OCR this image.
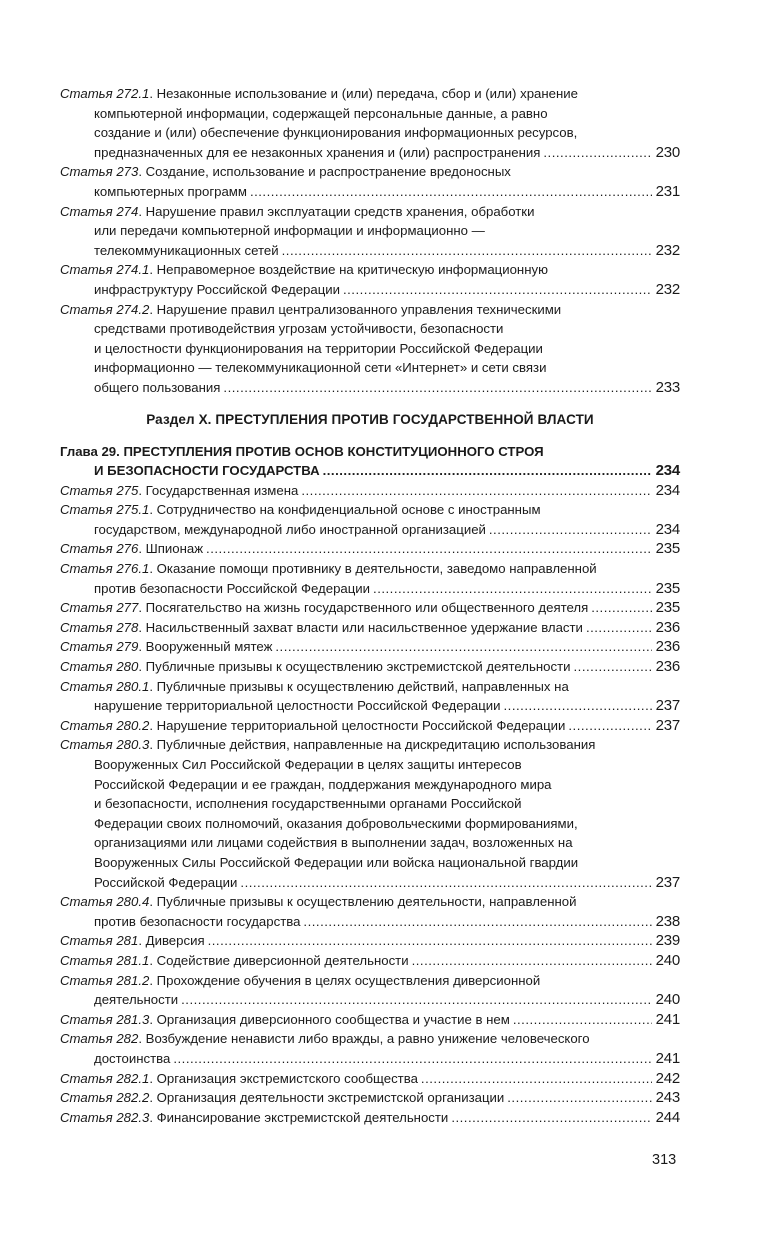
Статья 272.1 . Незаконные использование и (или) передача, сбор и (или) хранение
компьютерной информации, содержащей персональные данные, а равно
создание и (или) обеспечение функционирования информационных ресурсов,
предназначенных для ее незаконных хранения и (или) распространения .....	230
Статья 273 . Создание, использование и распространение вредоносных
компьютерных программ .....	231
Статья 274 . Нарушение правил эксплуатации средств хранения, обработки
или передачи компьютерной информации и информационно —
телекоммуникационных сетей .....	232
Статья 274.1 . Неправомерное воздействие на критическую информационную
инфраструктуру Российской Федерации .....	232
Статья 274.2 . Нарушение правил централизованного управления техническими
средствами противодействия угрозам устойчивости, безопасности
и целостности функционирования на территории Российской Федерации
информационно — телекоммуникационной сети «Интернет» и сети связи
общего пользования .....	233
Раздел X. ПРЕСТУПЛЕНИЯ ПРОТИВ ГОСУДАРСТВЕННОЙ ВЛАСТИ
Глава 29. ПРЕСТУПЛЕНИЯ ПРОТИВ ОСНОВ КОНСТИТУЦИОННОГО СТРОЯ
И БЕЗОПАСНОСТИ ГОСУДАРСТВА .....	234
Статья 275 . Государственная измена .....	234
Статья 275.1 . Сотрудничество на конфиденциальной основе с иностранным
государством, международной либо иностранной организацией .....	234
Статья 276 . Шпионаж .....	235
Статья 276.1 . Оказание помощи противнику в деятельности, заведомо направленной
против безопасности Российской Федерации .....	235
Статья 277 . Посягательство на жизнь государственного или общественного деятеля .....	235
Статья 278 . Насильственный захват власти или насильственное удержание власти .....	236
Статья 279 . Вооруженный мятеж .....	236
Статья 280 . Публичные призывы к осуществлению экстремистской деятельности .....	236
Статья 280.1 . Публичные призывы к осуществлению действий, направленных на
нарушение территориальной целостности Российской Федерации .....	237
Статья 280.2 . Нарушение территориальной целостности Российской Федерации .....	237
Статья 280.3 . Публичные действия, направленные на дискредитацию использования
Вооруженных Сил Российской Федерации в целях защиты интересов
Российской Федерации и ее граждан, поддержания международного мира
и безопасности, исполнения государственными органами Российской
Федерации своих полномочий, оказания добровольческими формированиями,
организациями или лицами содействия в выполнении задач, возложенных на
Вооруженных Силы Российской Федерации или войска национальной гвардии
Российской Федерации .....	237
Статья 280.4 . Публичные призывы к осуществлению деятельности, направленной
против безопасности государства .....	238
Статья 281 . Диверсия .....	239
Статья 281.1 . Содействие диверсионной деятельности .....	240
Статья 281.2 . Прохождение обучения в целях осуществления диверсионной
деятельности .....	240
Статья 281.3 . Организация диверсионного сообщества и участие в нем .....	241
Статья 282 . Возбуждение ненависти либо вражды, а равно унижение человеческого
достоинства .....	241
Статья 282.1 . Организация экстремистского сообщества .....	242
Статья 282.2 . Организация деятельности экстремистской организации .....	243
Статья 282.3 . Финансирование экстремистской деятельности .....	244
313
